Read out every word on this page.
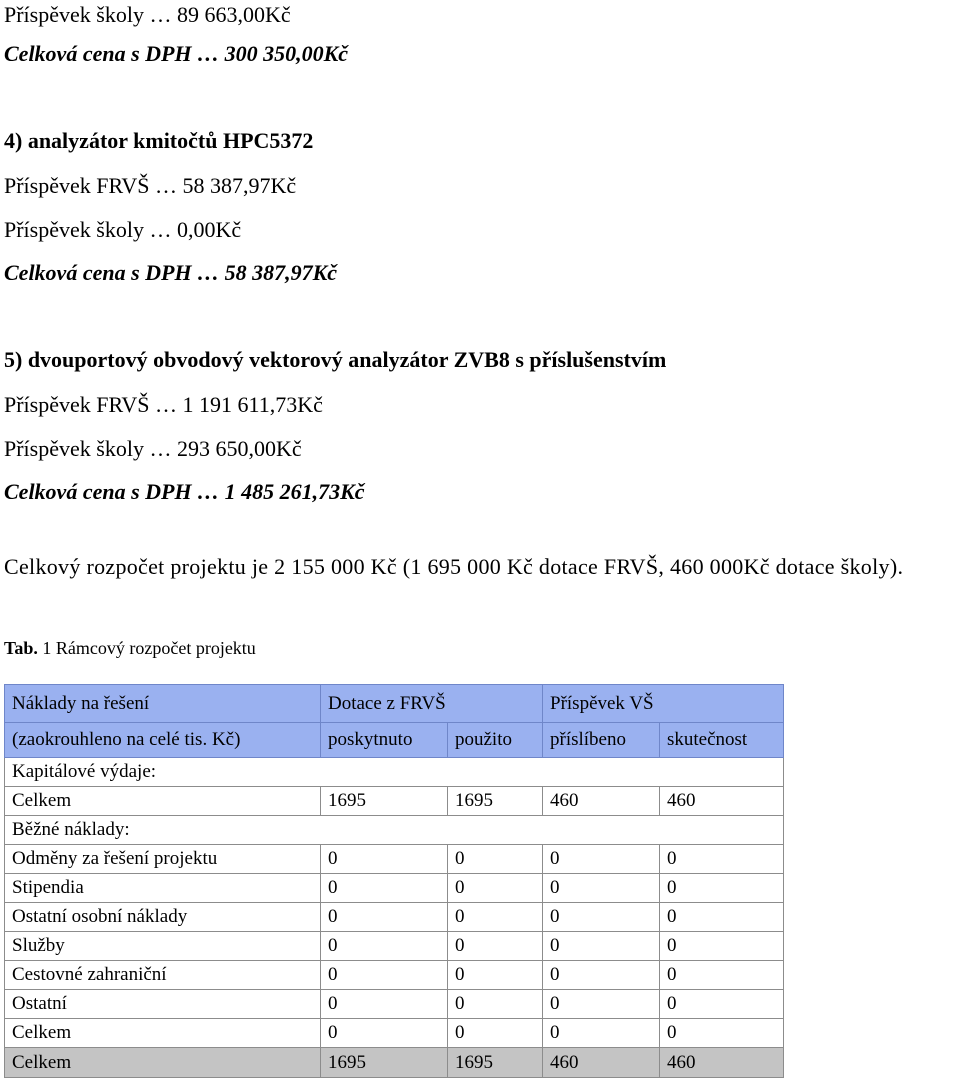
Příspěvek školy … 89 663,00Kč
Celková cena s DPH … 300 350,00Kč
4) analyzátor kmitočtů HPC5372
Příspěvek FRVŠ … 58 387,97Kč
Příspěvek školy … 0,00Kč
Celková cena s DPH … 58 387,97Kč
5) dvouportový obvodový vektorový analyzátor ZVB8 s příslušenstvím
Příspěvek FRVŠ … 1 191 611,73Kč
Příspěvek školy … 293 650,00Kč
Celková cena s DPH … 1 485 261,73Kč
Celkový rozpočet projektu je 2 155 000 Kč (1 695 000 Kč dotace FRVŠ, 460 000Kč dotace školy).
Tab. 1 Rámcový rozpočet projektu
Náklady na řešení	Dotace z FRVŠ		Příspěvek VŠ	
(zaokrouhleno na celé tis. Kč)	poskytnuto	použito	příslíbeno	skutečnost
Kapitálové výdaje:				
Celkem	1695	1695	460	460
Běžné náklady:				
Odměny za řešení projektu	0	0	0	0
Stipendia	0	0	0	0
Ostatní osobní náklady	0	0	0	0
Služby	0	0	0	0
Cestovné zahraniční	0	0	0	0
Ostatní	0	0	0	0
Celkem	0	0	0	0
Celkem	1695	1695	460	460
